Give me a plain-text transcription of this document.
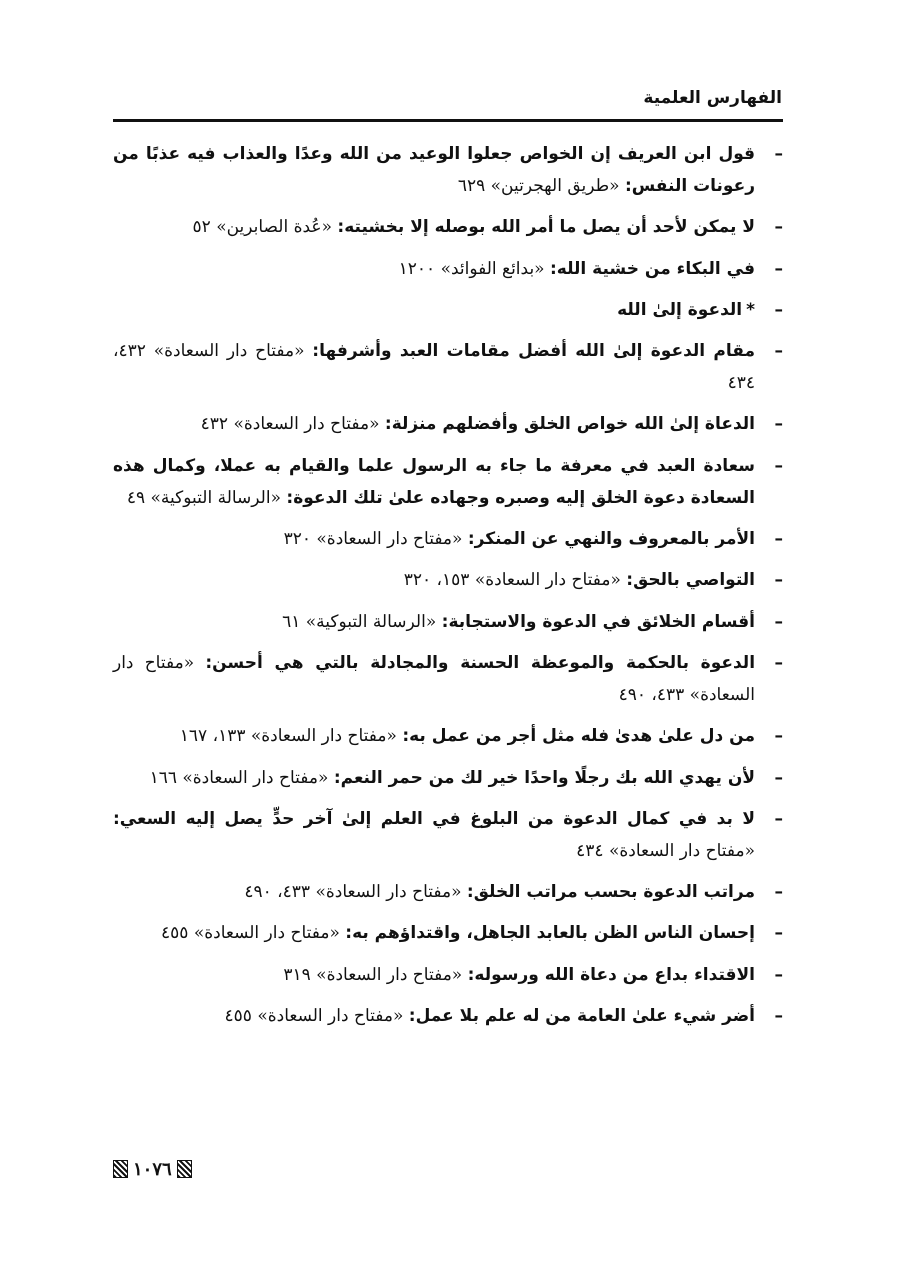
الفهارس العلمية
–
قول ابن العريف إن الخواص جعلوا الوعيد من الله وعدًا والعذاب فيه عذبًا من رعونات النفس: «طريق الهجرتين» ٦٢٩
–
لا يمكن لأحد أن يصل ما أمر الله بوصله إلا بخشيته: «عُدة الصابرين» ٥٢
–
في البكاء من خشية الله: «بدائع الفوائد» ١٢٠٠
–
*الدعوة إلىٰ الله
–
مقام الدعوة إلىٰ الله أفضل مقامات العبد وأشرفها: «مفتاح دار السعادة» ٤٣٢، ٤٣٤
–
الدعاة إلىٰ الله خواص الخلق وأفضلهم منزلة: «مفتاح دار السعادة» ٤٣٢
–
سعادة العبد في معرفة ما جاء به الرسول علما والقيام به عملا، وكمال هذه السعادة دعوة الخلق إليه وصبره وجهاده علىٰ تلك الدعوة: «الرسالة التبوكية» ٤٩
–
الأمر بالمعروف والنهي عن المنكر: «مفتاح دار السعادة» ٣٢٠
–
التواصي بالحق: «مفتاح دار السعادة» ١٥٣، ٣٢٠
–
أقسام الخلائق في الدعوة والاستجابة: «الرسالة التبوكية» ٦١
–
الدعوة بالحكمة والموعظة الحسنة والمجادلة بالتي هي أحسن: «مفتاح دار السعادة» ٤٣٣، ٤٩٠
–
من دل علىٰ هدىٰ فله مثل أجر من عمل به: «مفتاح دار السعادة» ١٣٣، ١٦٧
–
لأن يهدي الله بك رجلًا واحدًا خير لك من حمر النعم: «مفتاح دار السعادة» ١٦٦
–
لا بد في كمال الدعوة من البلوغ في العلم إلىٰ آخر حدٍّ يصل إليه السعي: «مفتاح دار السعادة» ٤٣٤
–
مراتب الدعوة بحسب مراتب الخلق: «مفتاح دار السعادة» ٤٣٣، ٤٩٠
–
إحسان الناس الظن بالعابد الجاهل، واقتداؤهم به: «مفتاح دار السعادة» ٤٥٥
–
الاقتداء بداع من دعاة الله ورسوله: «مفتاح دار السعادة» ٣١٩
–
أضر شيء علىٰ العامة من له علم بلا عمل: «مفتاح دار السعادة» ٤٥٥
١٠٧٦
